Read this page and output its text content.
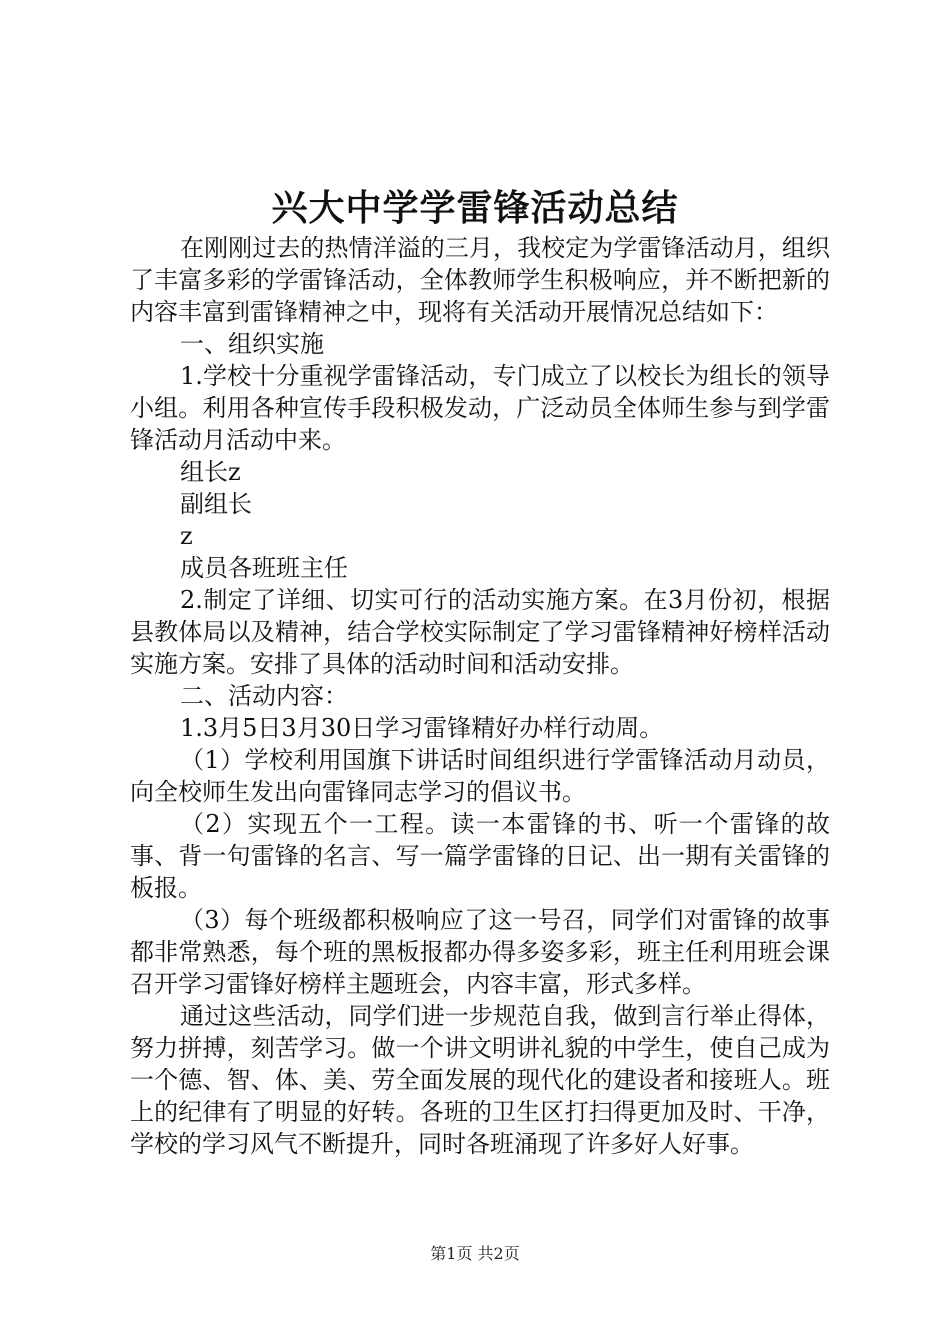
兴大中学学雷锋活动总结

在刚刚过去的热情洋溢的三月，我校定为学雷锋活动月，组织了丰富多彩的学雷锋活动，全体教师学生积极响应，并不断把新的内容丰富到雷锋精神之中，现将有关活动开展情况总结如下：

一、组织实施

1.学校十分重视学雷锋活动，专门成立了以校长为组长的领导小组。利用各种宣传手段积极发动，广泛动员全体师生参与到学雷锋活动月活动中来。

组长z

副组长

z

成员各班班主任

2.制定了详细、切实可行的活动实施方案。在3月份初，根据县教体局以及精神，结合学校实际制定了学习雷锋精神好榜样活动实施方案。安排了具体的活动时间和活动安排。

二、活动内容：

1.3月5日3月30日学习雷锋精好办样行动周。

（1）学校利用国旗下讲话时间组织进行学雷锋活动月动员，向全校师生发出向雷锋同志学习的倡议书。

（2）实现五个一工程。读一本雷锋的书、听一个雷锋的故事、背一句雷锋的名言、写一篇学雷锋的日记、出一期有关雷锋的板报。

（3）每个班级都积极响应了这一号召，同学们对雷锋的故事都非常熟悉，每个班的黑板报都办得多姿多彩，班主任利用班会课召开学习雷锋好榜样主题班会，内容丰富，形式多样。

通过这些活动，同学们进一步规范自我，做到言行举止得体，努力拼搏，刻苦学习。做一个讲文明讲礼貌的中学生，使自己成为一个德、智、体、美、劳全面发展的现代化的建设者和接班人。班上的纪律有了明显的好转。各班的卫生区打扫得更加及时、干净，学校的学习风气不断提升，同时各班涌现了许多好人好事。

第1页 共2页
